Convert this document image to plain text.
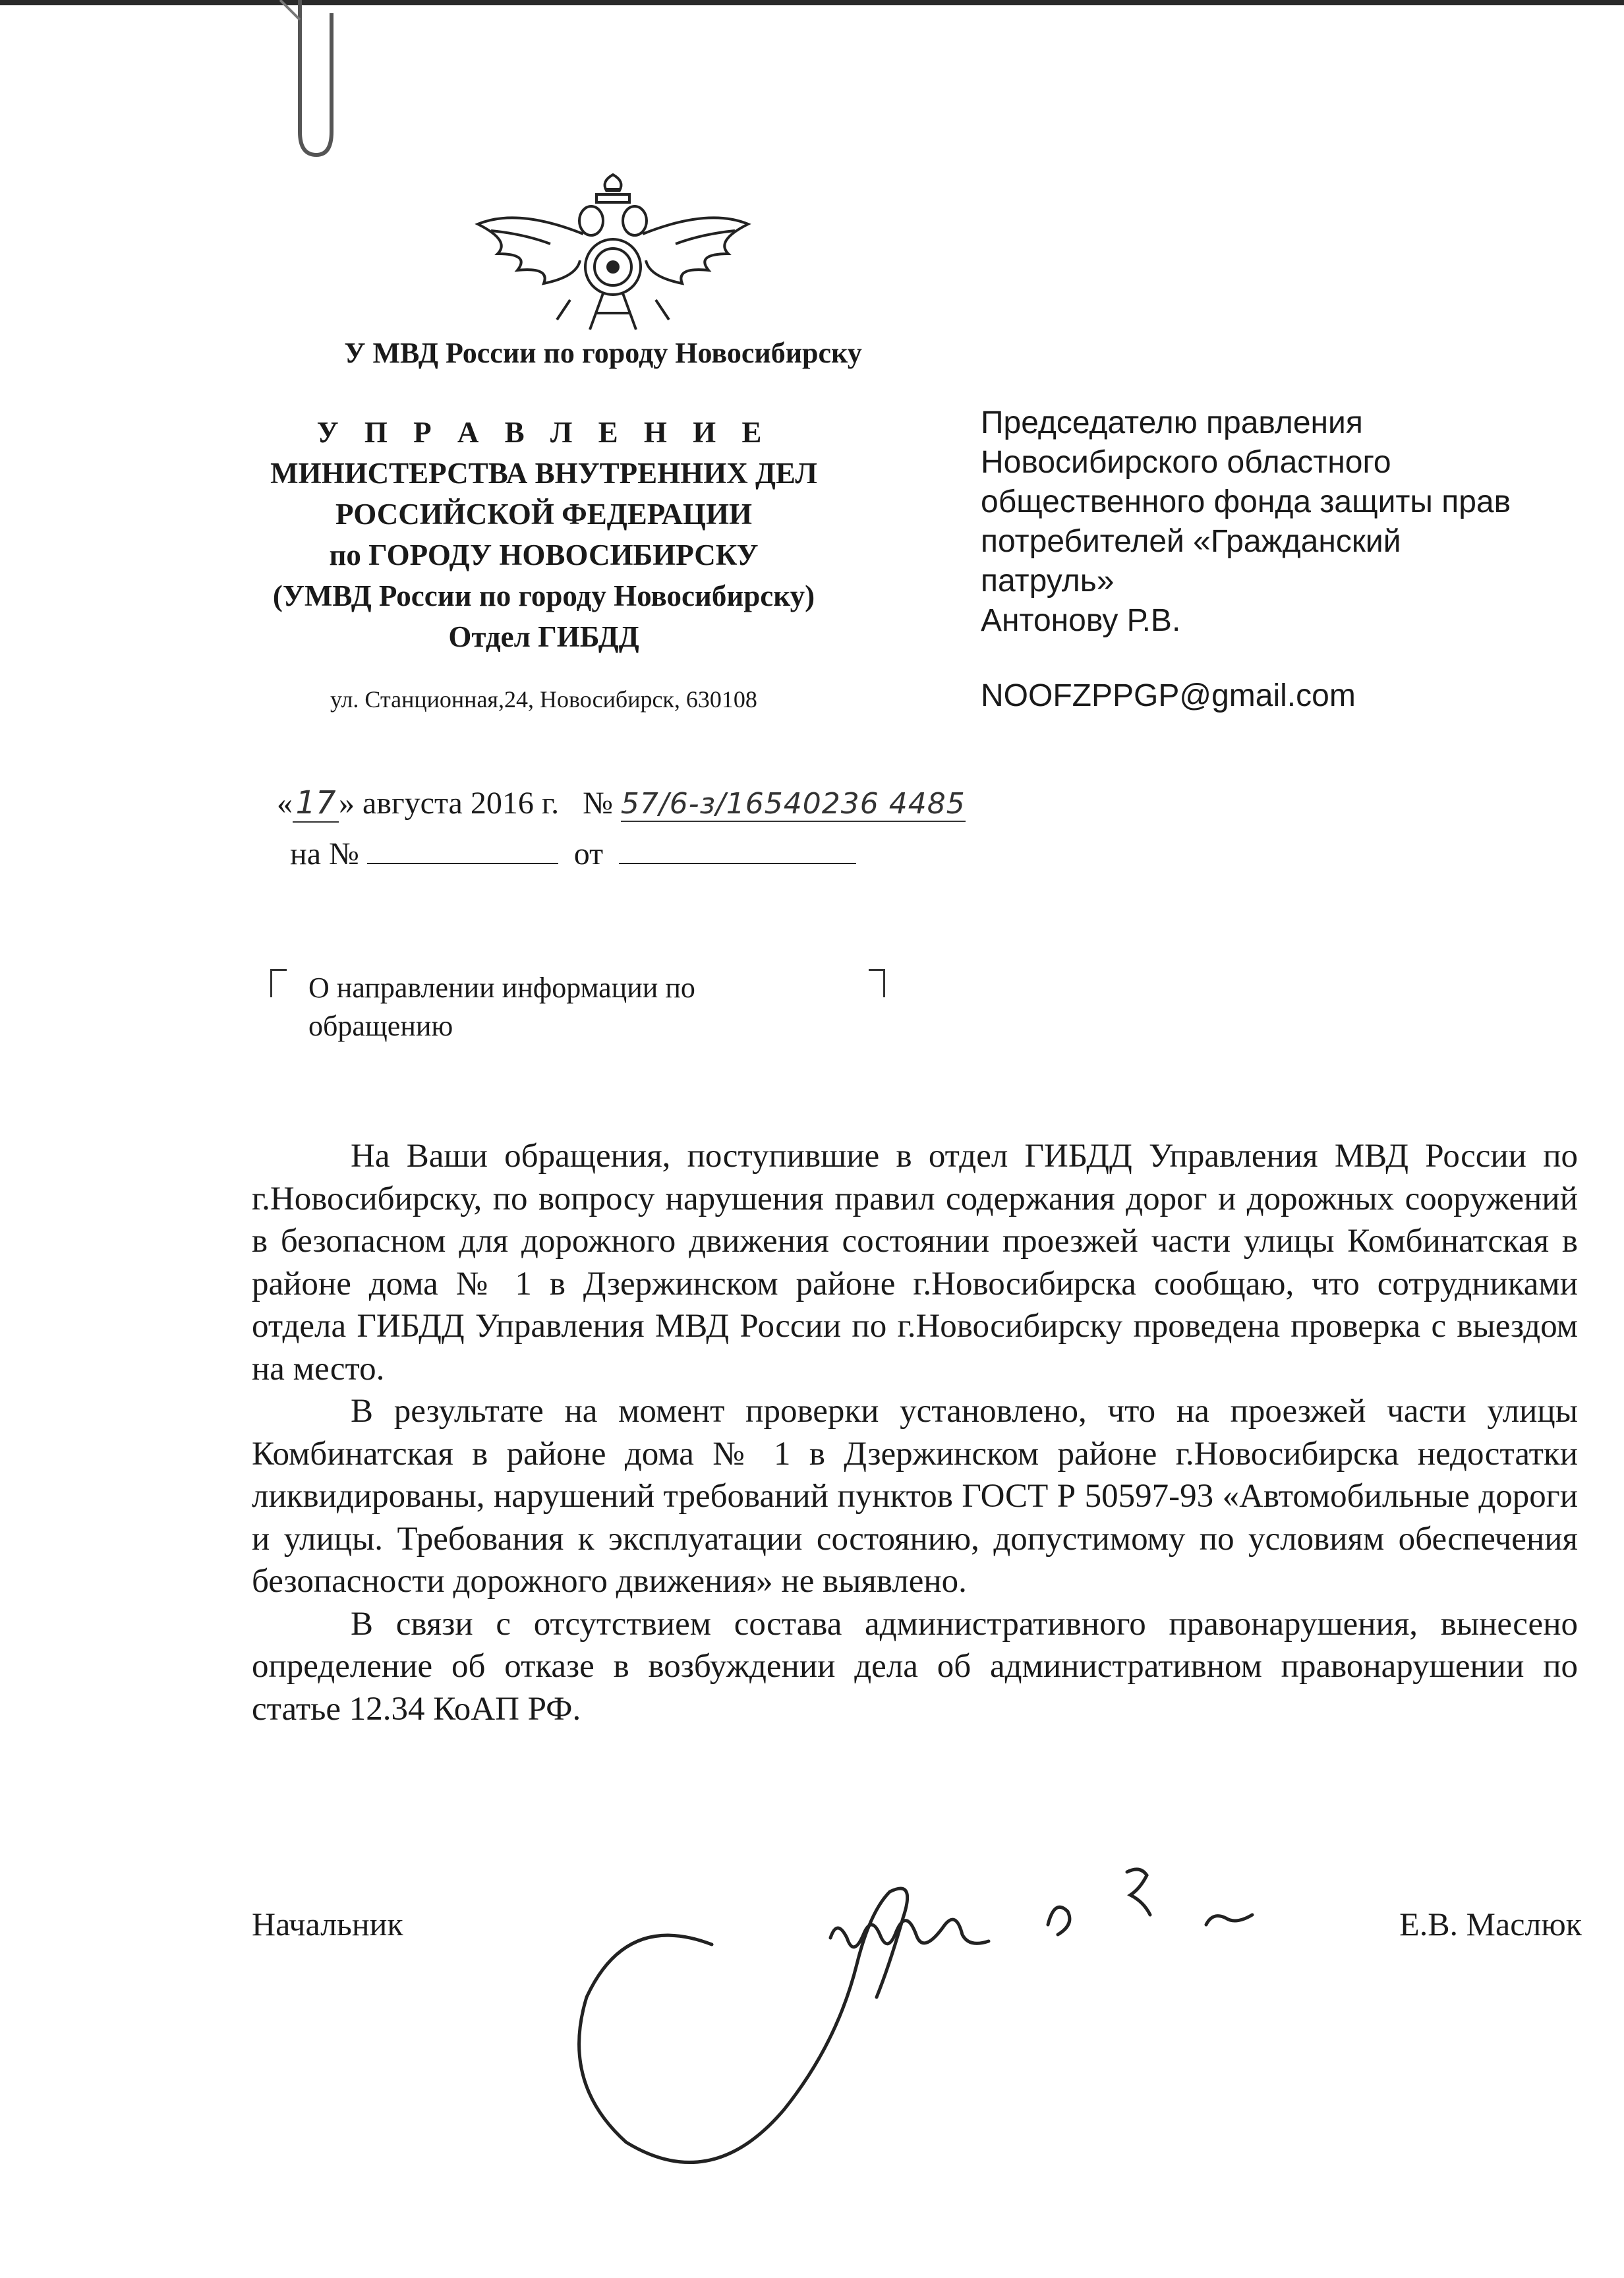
У МВД России по городу Новосибирску
У П Р А В Л Е Н И Е
МИНИСТЕРСТВА ВНУТРЕННИХ ДЕЛ
РОССИЙСКОЙ ФЕДЕРАЦИИ
по ГОРОДУ НОВОСИБИРСКУ
(УМВД России по городу Новосибирску)
Отдел ГИБДД
ул. Станционная,24, Новосибирск, 630108
Председателю правления
Новосибирского областного
общественного фонда защиты прав
потребителей «Гражданский
патруль»
Антонову Р.В.
NOOFZPPGP@gmail.com
«17» августа 2016 г. № 57/6-з/16540236 4485
на №	от
О направлении информации по обращению

На Ваши обращения, поступившие в отдел ГИБДД Управления МВД России по г.Новосибирску, по вопросу нарушения правил содержания дорог и дорожных сооружений в безопасном для дорожного движения состоянии проезжей части улицы Комбинатская в районе дома № 1 в Дзержинском районе г.Новосибирска сообщаю, что сотрудниками отдела ГИБДД Управления МВД России по г.Новосибирску проведена проверка с выездом на место.

В результате на момент проверки установлено, что на проезжей части улицы Комбинатская в районе дома № 1 в Дзержинском районе г.Новосибирска недостатки ликвидированы, нарушений требований пунктов ГОСТ Р 50597-93 «Автомобильные дороги и улицы. Требования к эксплуатации состоянию, допустимому по условиям обеспечения безопасности дорожного движения» не выявлено.

В связи с отсутствием состава административного правонарушения, вынесено определение об отказе в возбуждении дела об административном правонарушении по статье 12.34 КоАП РФ.

Начальник	Е.В. Маслюк
